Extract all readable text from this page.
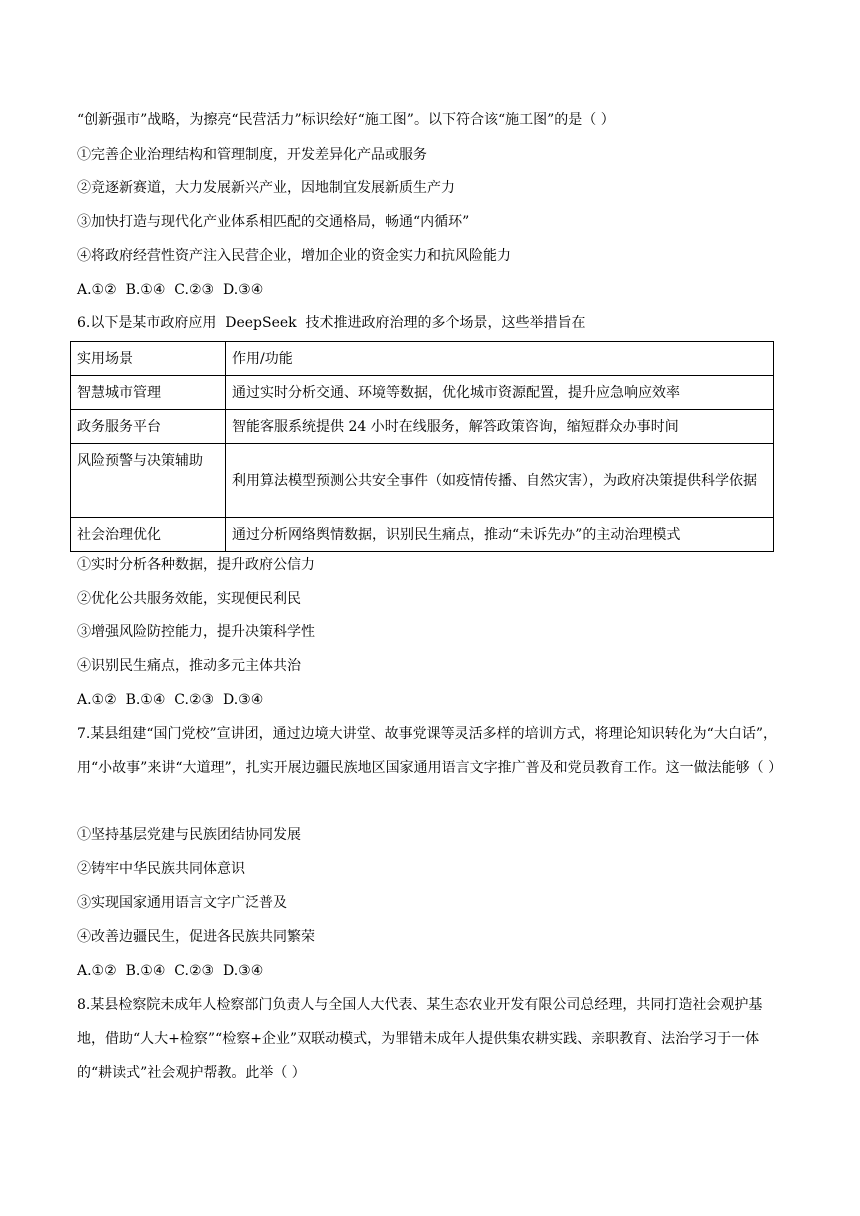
“创新强市”战略，为擦亮“民营活力”标识绘好“施工图”。以下符合该“施工图”的是（ ）
①完善企业治理结构和管理制度，开发差异化产品或服务
②竞逐新赛道，大力发展新兴产业，因地制宜发展新质生产力
③加快打造与现代化产业体系相匹配的交通格局，畅通“内循环”
④将政府经营性资产注入民营企业，增加企业的资金实力和抗风险能力
A.①②  B.①④  C.②③  D.③④
6.以下是某市政府应用  DeepSeek  技术推进政府治理的多个场景，这些举措旨在
实用场景	作用/功能
智慧城市管理	通过实时分析交通、环境等数据，优化城市资源配置，提升应急响应效率
政务服务平台	智能客服系统提供 24 小时在线服务，解答政策咨询，缩短群众办事时间
风险预警与决策辅助	利用算法模型预测公共安全事件（如疫情传播、自然灾害），为政府决策提供科学依据
社会治理优化	通过分析网络舆情数据，识别民生痛点，推动“未诉先办”的主动治理模式
①实时分析各种数据，提升政府公信力
②优化公共服务效能，实现便民利民
③增强风险防控能力，提升决策科学性
④识别民生痛点，推动多元主体共治
A.①②  B.①④  C.②③  D.③④
7.某县组建“国门党校”宣讲团，通过边境大讲堂、故事党课等灵活多样的培训方式，将理论知识转化为“大白话”，用“小故事”来讲“大道理”，扎实开展边疆民族地区国家通用语言文字推广普及和党员教育工作。这一做法能够（ ）
①坚持基层党建与民族团结协同发展
②铸牢中华民族共同体意识
③实现国家通用语言文字广泛普及
④改善边疆民生，促进各民族共同繁荣
A.①②  B.①④  C.②③  D.③④
8.某县检察院未成年人检察部门负责人与全国人大代表、某生态农业开发有限公司总经理，共同打造社会观护基地，借助“人大+检察”“检察+企业”双联动模式，为罪错未成年人提供集农耕实践、亲职教育、法治学习于一体的“耕读式”社会观护帮教。此举（ ）
